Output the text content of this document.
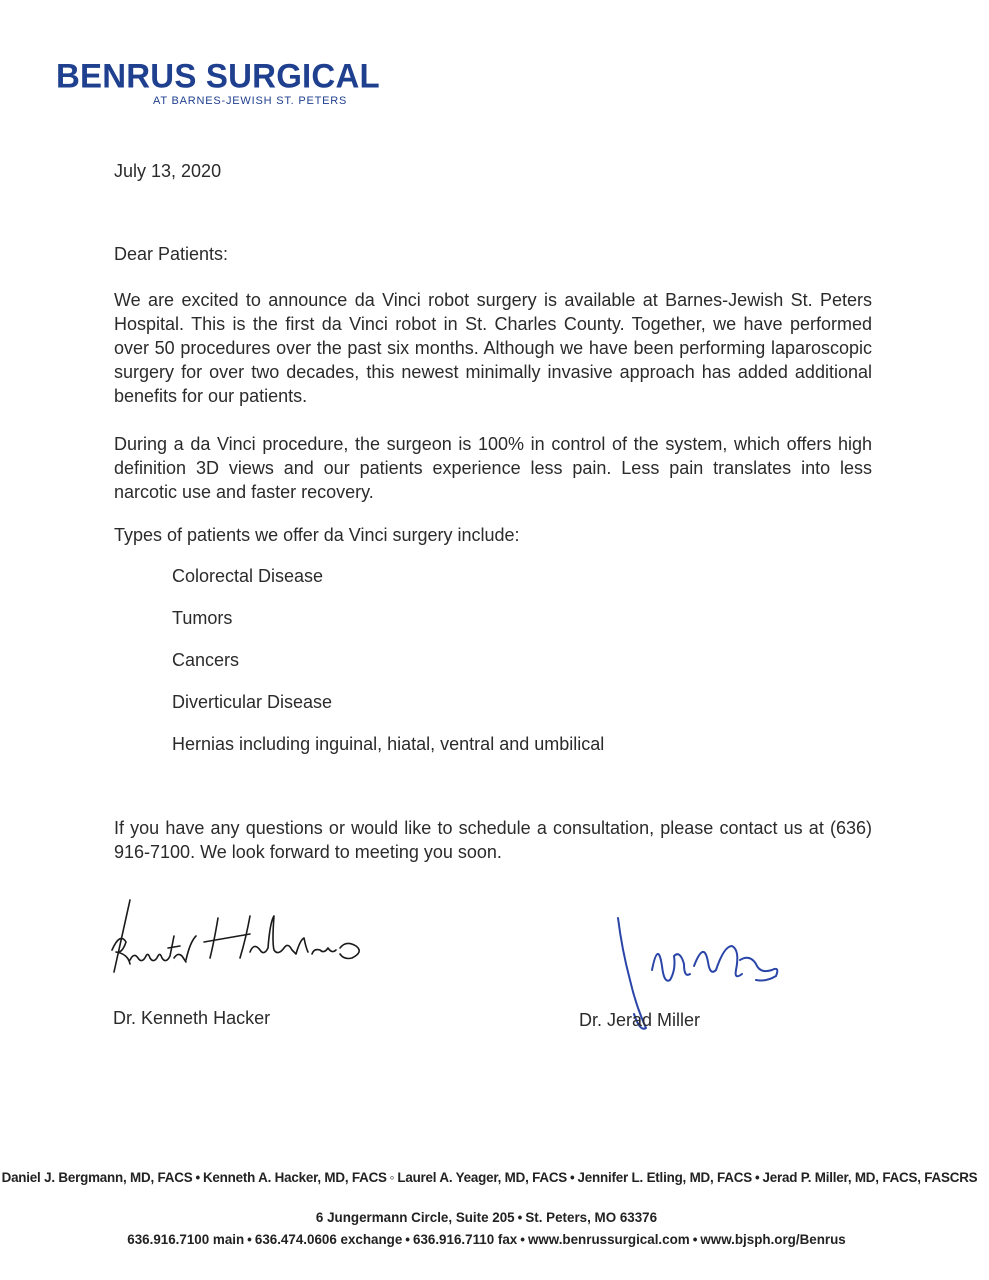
BENRUS SURGICAL
AT BARNES-JEWISH ST. PETERS
July 13, 2020
Dear Patients:
We are excited to announce da Vinci robot surgery is available at Barnes-Jewish St. Peters Hospital. This is the first da Vinci robot in St. Charles County. Together, we have performed over 50 procedures over the past six months. Although we have been performing laparoscopic surgery for over two decades, this newest minimally invasive approach has added additional benefits for our patients.
During a da Vinci procedure, the surgeon is 100% in control of the system, which offers high definition 3D views and our patients experience less pain. Less pain translates into less narcotic use and faster recovery.
Types of patients we offer da Vinci surgery include:
Colorectal Disease
Tumors
Cancers
Diverticular Disease
Hernias including inguinal, hiatal, ventral and umbilical
If you have any questions or would like to schedule a consultation, please contact us at (636) 916-7100. We look forward to meeting you soon.
Dr. Kenneth Hacker	Dr. Jerad Miller
Daniel J. Bergmann, MD, FACS • Kenneth A. Hacker, MD, FACS ◦ Laurel A. Yeager, MD, FACS • Jennifer L. Etling, MD, FACS • Jerad P. Miller, MD, FACS, FASCRS
6 Jungermann Circle, Suite 205 • St. Peters, MO 63376
636.916.7100 main • 636.474.0606 exchange • 636.916.7110 fax • www.benrussurgical.com • www.bjsph.org/Benrus
